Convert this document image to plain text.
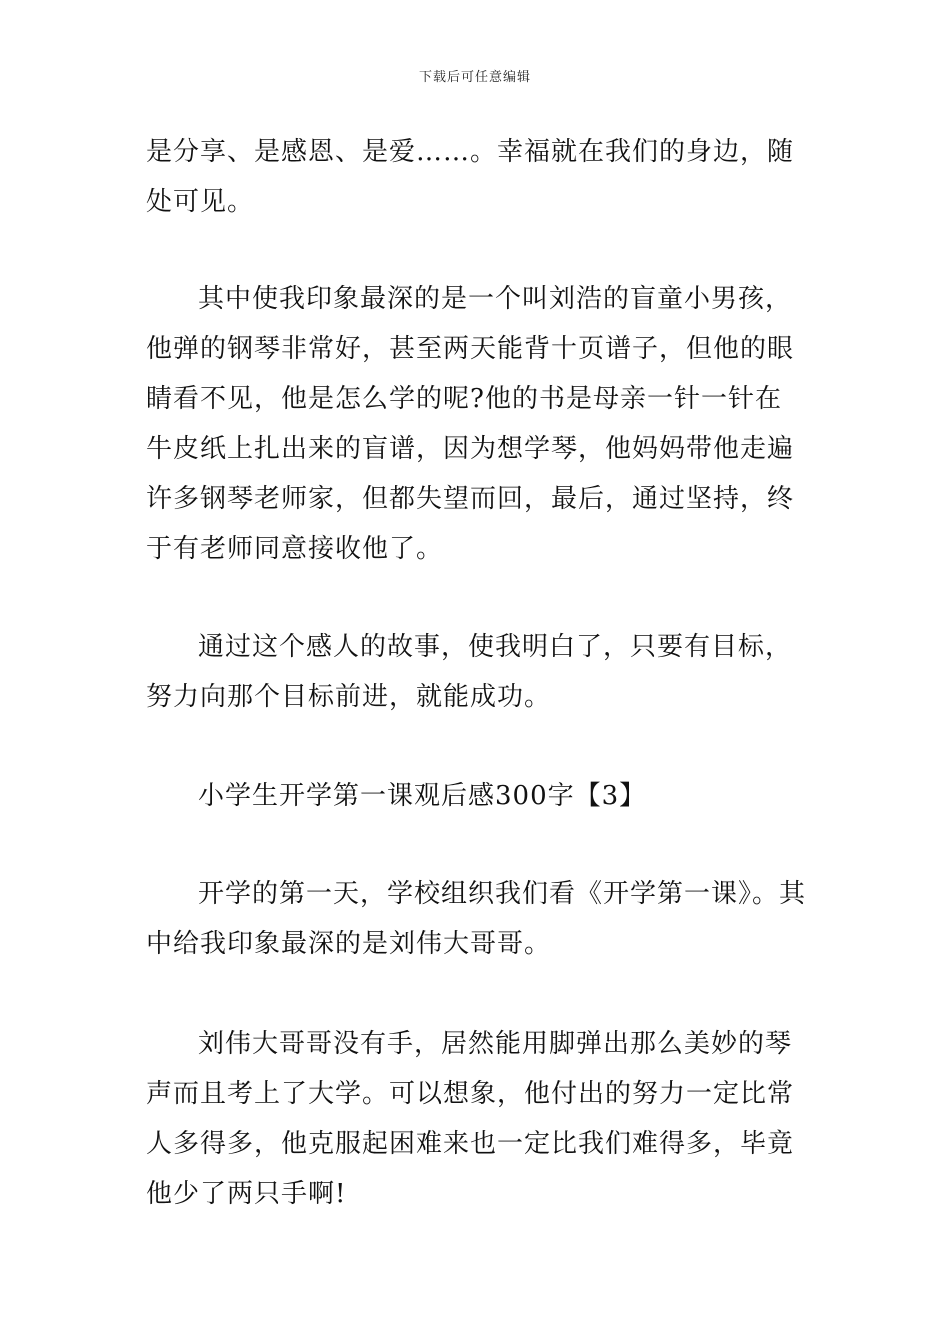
下载后可任意编辑

是分享、是感恩、是爱……。幸福就在我们的身边，随处可见。

其中使我印象最深的是一个叫刘浩的盲童小男孩，他弹的钢琴非常好，甚至两天能背十页谱子，但他的眼睛看不见，他是怎么学的呢?他的书是母亲一针一针在牛皮纸上扎出来的盲谱，因为想学琴，他妈妈带他走遍许多钢琴老师家，但都失望而回，最后，通过坚持，终于有老师同意接收他了。

通过这个感人的故事，使我明白了，只要有目标，努力向那个目标前进，就能成功。

小学生开学第一课观后感300字【3】

开学的第一天，学校组织我们看《开学第一课》。其中给我印象最深的是刘伟大哥哥。

刘伟大哥哥没有手，居然能用脚弹出那么美妙的琴声而且考上了大学。可以想象，他付出的努力一定比常人多得多，他克服起困难来也一定比我们难得多，毕竟他少了两只手啊!
